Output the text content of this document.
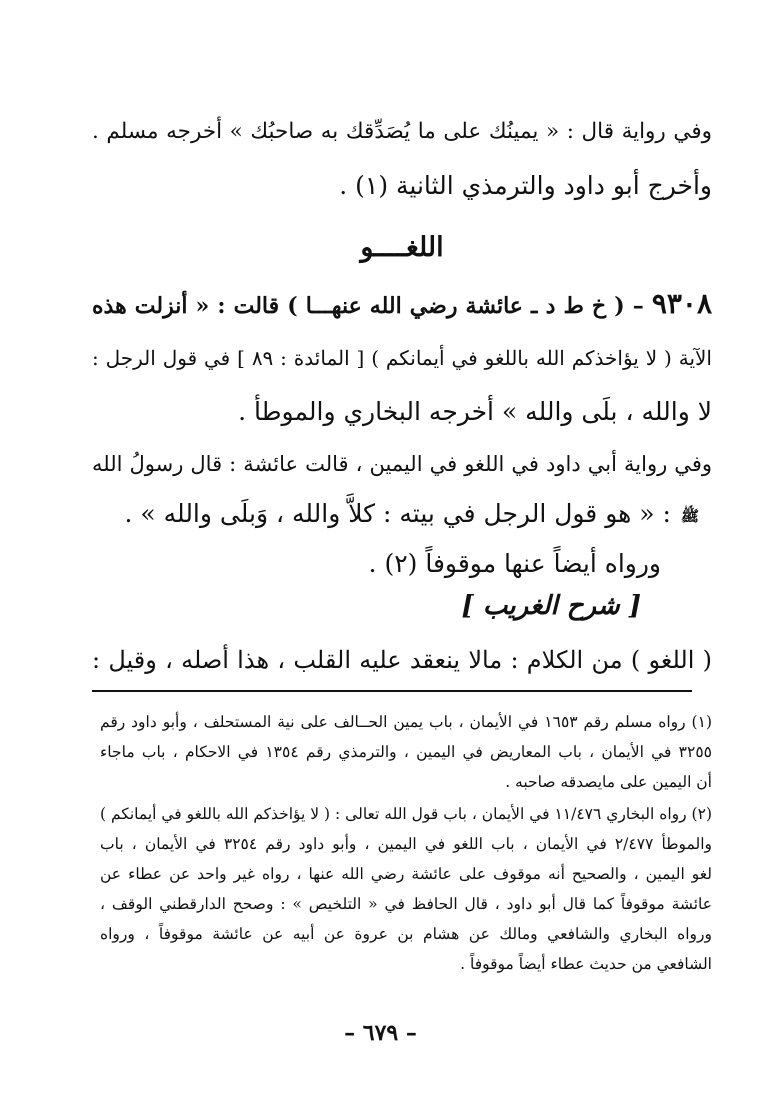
وفي رواية قال : « يمينُك على ما يُصَدِّقك به صاحبُك » أخرجه مسلم .
وأخرج أبو داود والترمذي الثانية (١) .
اللغــــو
٩٣٠٨ – ( خ ط د ـ عائشة رضي الله عنهـــا ) قالت : « أنزلت هذه
الآية ( لا يؤاخذكم الله باللغو في أيمانكم ) [ المائدة : ٨٩ ] في قول الرجل :
لا والله ، بلَى والله » أخرجه البخاري والموطأ .
وفي رواية أبي داود في اللغو في اليمين ، قالت عائشة : قال رسولُ الله
ﷺ : « هو قول الرجل في بيته : كلاَّ والله ، وَبلَى والله » .
ورواه أيضاً عنها موقوفاً (٢) .
[ شرح الغريب ]
( اللغو ) من الكلام : مالا ينعقد عليه القلب ، هذا أصله ، وقيل :
(١) رواه مسلم رقم ١٦٥٣ في الأيمان ، باب يمين الحــالف على نية المستحلف ، وأبو داود رقم
٣٢٥٥ في الأيمان ، باب المعاريض في اليمين ، والترمذي رقم ١٣٥٤ في الاحكام ، باب ماجاء
أن اليمين على مايصدقه صاحبه .
(٢) رواه البخاري ١١/٤٧٦ في الأيمان ، باب قول الله تعالى : ( لا يؤاخذكم الله باللغو في أيمانكم )
والموطأ ٢/٤٧٧ في الأيمان ، باب اللغو في اليمين ، وأبو داود رقم ٣٢٥٤ في الأيمان ، باب
لغو اليمين ، والصحيح أنه موقوف على عائشة رضي الله عنها ، رواه غير واحد عن عطاء عن
عائشة موقوفاً كما قال أبو داود ، قال الحافظ في « التلخيص » : وصحح الدارقطني الوقف ،
ورواه البخاري والشافعي ومالك عن هشام بن عروة عن أبيه عن عائشة موقوفاً ، ورواه
الشافعي من حديث عطاء أيضاً موقوفاً .
– ٦٧٩ –
